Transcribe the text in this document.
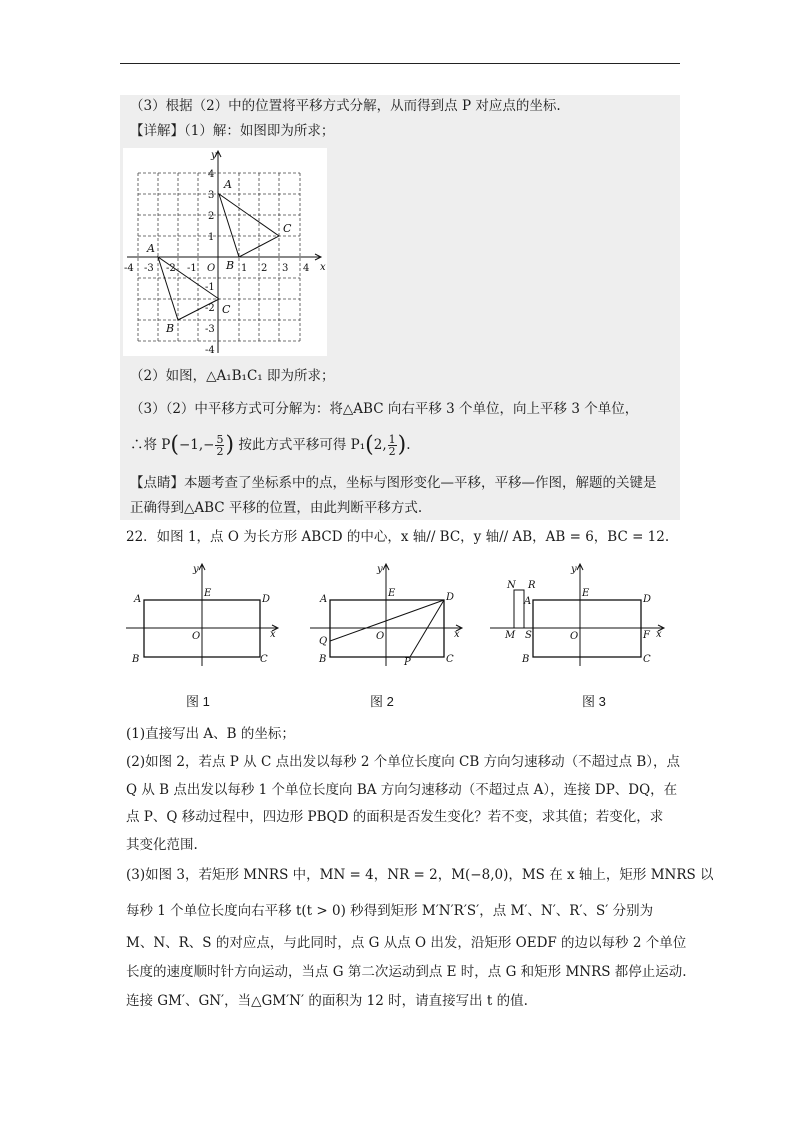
（3）根据（2）中的位置将平移方式分解，从而得到点 P 对应点的坐标.
【详解】（1）解：如图即为所求；
y
x
O
-4 -3 -2 -1	1 2 3 4
4
3
2
1
-1
-2
-3
-4
A
C
B
A
C
B
（2）如图，△A₁B₁C₁ 即为所求；
（3）（2）中平移方式可分解为：将△ABC 向右平移 3 个单位，向上平移 3 个单位，
∴将 $P(-1,- \frac{5}{2}$ ) 按此方式平移可得 P₁(2, $\frac{1}{2}$ ).
【点睛】本题考查了坐标系中的点，坐标与图形变化—平移，平移—作图，解题的关键是
正确得到△ABC 平移的位置，由此判断平移方式.
22．如图 1，点 O 为长方形 ABCD 的中心，x 轴// BC，y 轴// AB，AB = 6，BC = 12.
y
x
A
E
D
O
B	C
y
x
A
E	D
O
Q
B	P	C
y
x
N R
A
E
D
M S	O	F
B	C
图 1	图 2	图 3
(1)直接写出 A、B 的坐标；
(2)如图 2，若点 P 从 C 点出发以每秒 2 个单位长度向 CB 方向匀速移动（不超过点 B），点
Q 从 B 点出发以每秒 1 个单位长度向 BA 方向匀速移动（不超过点 A），连接 DP、DQ，在
点 P、Q 移动过程中，四边形 PBQD 的面积是否发生变化？若不变，求其值；若变化，求
其变化范围.
(3)如图 3，若矩形 MNRS 中，MN = 4，NR = 2，M(−8,0)，MS 在 x 轴上，矩形 MNRS 以
每秒 1 个单位长度向右平移 t(t > 0) 秒得到矩形 M′N′R′S′，点 M′、N′、R′、S′ 分别为
M、N、R、S 的对应点，与此同时，点 G 从点 O 出发，沿矩形 OEDF 的边以每秒 2 个单位
长度的速度顺时针方向运动，当点 G 第二次运动到点 E 时，点 G 和矩形 MNRS 都停止运动.
连接 GM′、GN′，当△GM′N′ 的面积为 12 时，请直接写出 t 的值.
